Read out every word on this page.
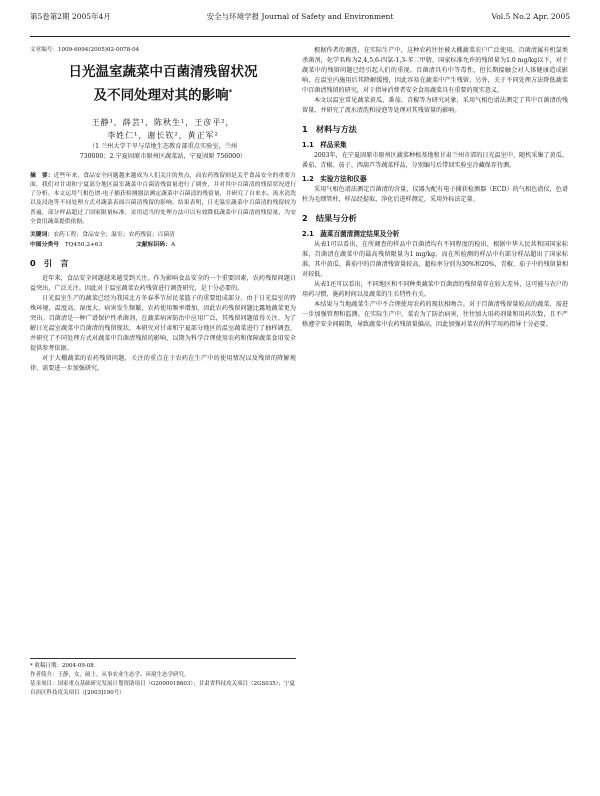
第5卷第2期 2005年4月	安全与环境学报 Journal of Safety and Environment	Vol.5 No.2 Apr. 2005
文章编号：1009-6094(2005)02-0078-04
日光温室蔬菜中百菌清残留状况
及不同处理对其的影响*
王静¹，薛芸¹，陈秋生¹，王彦平²，
李姓仁¹，谢长钦²，黄正军²
（1 兰州大学干旱与草地生态教育部重点实验室，兰州
730000；2 宁夏固原市原州区蔬菜站，宁夏固原 756000）
摘　要：近些年来，食品安全问题越来越成为人们关注的焦点，而农药残留则是关乎食品安全的重要方面，我们对甘肃和宁夏部分地区温室蔬菜中百菌清残留量进行了调查，并对其中百菌清的残留状况进行了分析。本文运用气相色谱-电子捕获检测器法测定蔬菜中百菌清的残留量，并研究了自来水、流水清洗以及浸泡等不同处理方式对蔬菜表面百菌清残留的影响。结果表明，日光温室蔬菜中百菌清的残留较为普遍，部分样品超过了国家限量标准，采用适当的处理方法可以有效降低蔬菜中百菌清的残留量，为安全食用蔬菜提供依据。
关键词：农药工程；食品安全；温室；农药残留；百菌清
中图分类号　 TQ450.2+63	文献标识码：A
0　引　言

近年来，食品安全问题越来越受到关注。作为影响食品安全的一个重要因素，农药残留问题日益突出，广泛关注。因此对于温室蔬菜农药残留进行调查研究，是十分必要的。

日光温室生产的蔬菜已经为我国北方冬春季节居民菜篮子的重要组成部分。由于日光温室的特殊环境，温度高、湿度大，病害发生频繁，农药使用频率增加，因此农药残留问题比露地蔬菜更为突出。百菌清是一种广谱保护性杀菌剂，在蔬菜病害防治中应用广泛，其残留问题值得关注。为了解日光温室蔬菜中百菌清的残留现状，本研究对甘肃和宁夏部分地区的温室蔬菜进行了抽样调查，并研究了不同处理方式对蔬菜中百菌清残留的影响，以期为科学合理使用农药和保障蔬菜食用安全提供参考依据。

对于大棚蔬菜的农药残留问题，关注的重点在于农药在生产中的使用情况以及残留的降解规律，需要进一步加强研究。

* 收稿日期：2004-09-08
作者简介：王静，女，硕士，从事农业生态学、环境生态学研究。
基金项目：国家重点基础研究发展计划资助项目（G2000018603）；甘肃省科技攻关项目（2GS035）；宁夏自治区科技攻关项目（[2003]190号）

根据作者的调查，在实际生产中，这种农药往往被大棚蔬菜农户广泛使用。百菌清属有机氯类杀菌剂，化学名称为2,4,5,6-四氯-1,3-苯二甲腈，国家标准允许的残留量为1.0 mg/kg以下，对于蔬菜中的残留问题已经引起人们的重视。百菌清具有中等毒性，但长期接触会对人体健康造成影响，在温室内施用后其降解缓慢，因此容易在蔬菜中产生残留。另外，关于不同处理方法降低蔬菜中百菌清残留的研究，对于指导消费者安全食用蔬菜具有重要的现实意义。

本文以温室常见蔬菜黄瓜、番茄、青椒等为研究对象，采用气相色谱法测定了其中百菌清的残留量，并研究了流水清洗和浸泡等处理对其残留量的影响。

1　材料与方法
1.1　样品采集

2003年，在宁夏固原市原州区蔬菜种植基地和甘肃兰州市郊的日光温室中，随机采集了黄瓜、番茄、青椒、茄子、西葫芦等蔬菜样品，分别编号后带回实验室冷藏保存待测。

1.2　实验方法和仪器

采用气相色谱法测定百菌清的含量，仪器为配有电子捕获检测器（ECD）的气相色谱仪，色谱柱为毛细管柱，样品经提取、净化后进样测定，采用外标法定量。

2　结果与分析
2.1　蔬菜百菌清测定结果及分析

从表1可以看出，在所调查的样品中百菌清均有不同程度的检出，根据中华人民共和国国家标准，百菌清在蔬菜中的最高残留限量为1 mg/kg，而在所检测的样品中有部分样品超出了国家标准。其中黄瓜、番茄中的百菌清残留量较高，超标率分别为30%和20%，青椒、茄子中的残留量相对较低。

从表1还可以看出，不同地区和不同种类蔬菜中百菌清的残留量存在较大差异，这可能与农户的用药习惯、施药时间以及蔬菜的生长特性有关。

本结果与当地蔬菜生产中不合理使用农药的现状相吻合。对于百菌清残留量较高的蔬菜，需进一步加强管理和监测。在实际生产中，菜农为了防治病害，往往加大用药剂量和用药次数，且不严格遵守安全间隔期，导致蔬菜中农药残留量偏高，因此加强对菜农的科学用药指导十分必要。
